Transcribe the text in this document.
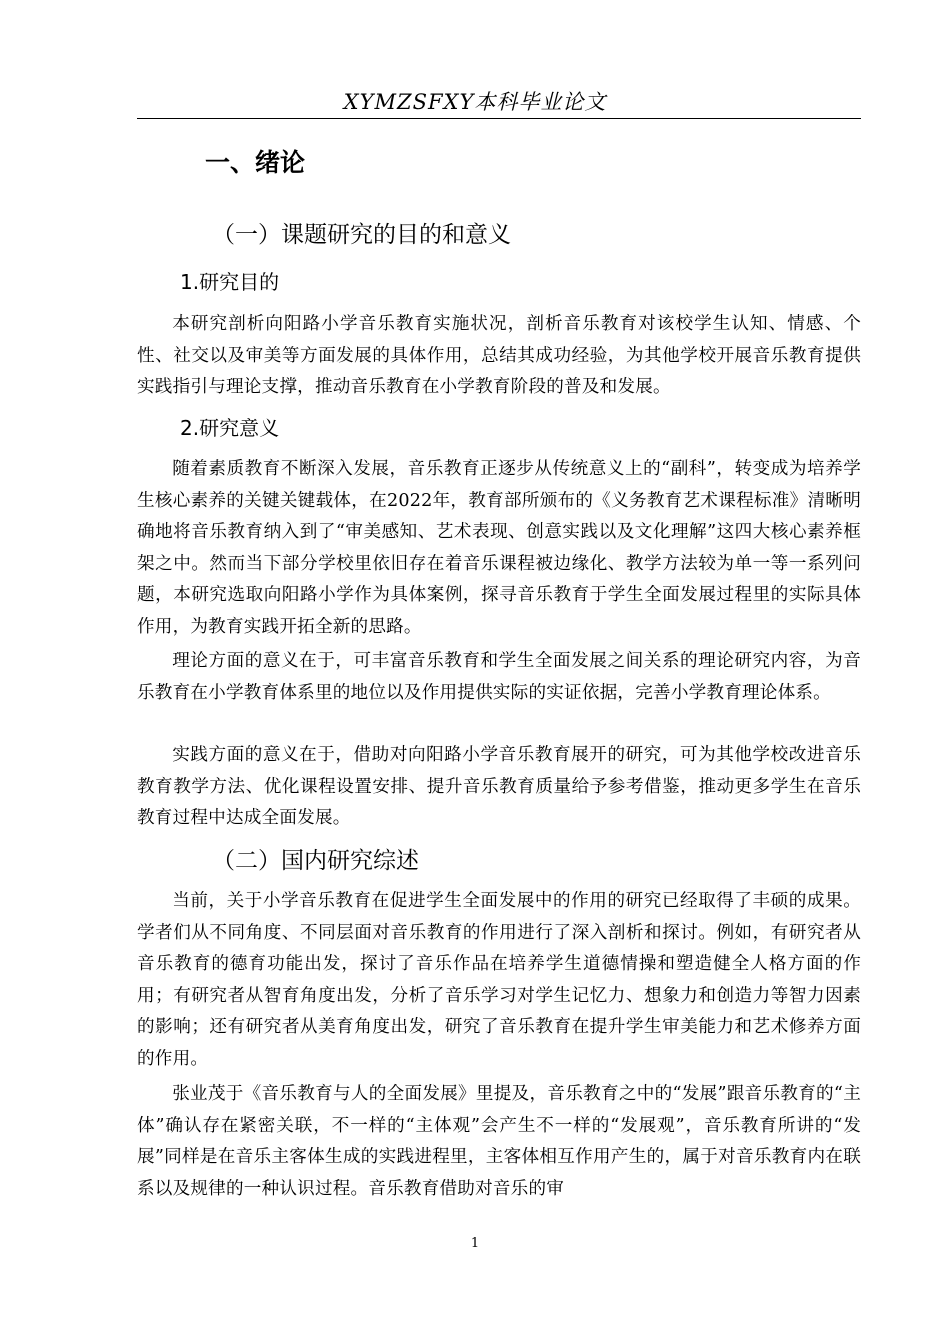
XYMZSFXY本科毕业论文
一、绪论
（一）课题研究的目的和意义
1.研究目的
本研究剖析向阳路小学音乐教育实施状况，剖析音乐教育对该校学生认知、情感、个性、社交以及审美等方面发展的具体作用，总结其成功经验，为其他学校开展音乐教育提供实践指引与理论支撑，推动音乐教育在小学教育阶段的普及和发展。
2.研究意义
随着素质教育不断深入发展，音乐教育正逐步从传统意义上的“副科”，转变成为培养学生核心素养的关键关键载体，在2022年，教育部所颁布的《义务教育艺术课程标准》清晰明确地将音乐教育纳入到了“审美感知、艺术表现、创意实践以及文化理解”这四大核心素养框架之中。然而当下部分学校里依旧存在着音乐课程被边缘化、教学方法较为单一等一系列问题，本研究选取向阳路小学作为具体案例，探寻音乐教育于学生全面发展过程里的实际具体作用，为教育实践开拓全新的思路。
理论方面的意义在于，可丰富音乐教育和学生全面发展之间关系的理论研究内容，为音乐教育在小学教育体系里的地位以及作用提供实际的实证依据，完善小学教育理论体系。
实践方面的意义在于，借助对向阳路小学音乐教育展开的研究，可为其他学校改进音乐教育教学方法、优化课程设置安排、提升音乐教育质量给予参考借鉴，推动更多学生在音乐教育过程中达成全面发展。
（二）国内研究综述
当前，关于小学音乐教育在促进学生全面发展中的作用的研究已经取得了丰硕的成果。学者们从不同角度、不同层面对音乐教育的作用进行了深入剖析和探讨。例如，有研究者从音乐教育的德育功能出发，探讨了音乐作品在培养学生道德情操和塑造健全人格方面的作用；有研究者从智育角度出发，分析了音乐学习对学生记忆力、想象力和创造力等智力因素的影响；还有研究者从美育角度出发，研究了音乐教育在提升学生审美能力和艺术修养方面的作用。
张业茂于《音乐教育与人的全面发展》里提及，音乐教育之中的“发展”跟音乐教育的“主体”确认存在紧密关联，不一样的“主体观”会产生不一样的“发展观”，音乐教育所讲的“发展”同样是在音乐主客体生成的实践进程里，主客体相互作用产生的，属于对音乐教育内在联系以及规律的一种认识过程。音乐教育借助对音乐的审
1
